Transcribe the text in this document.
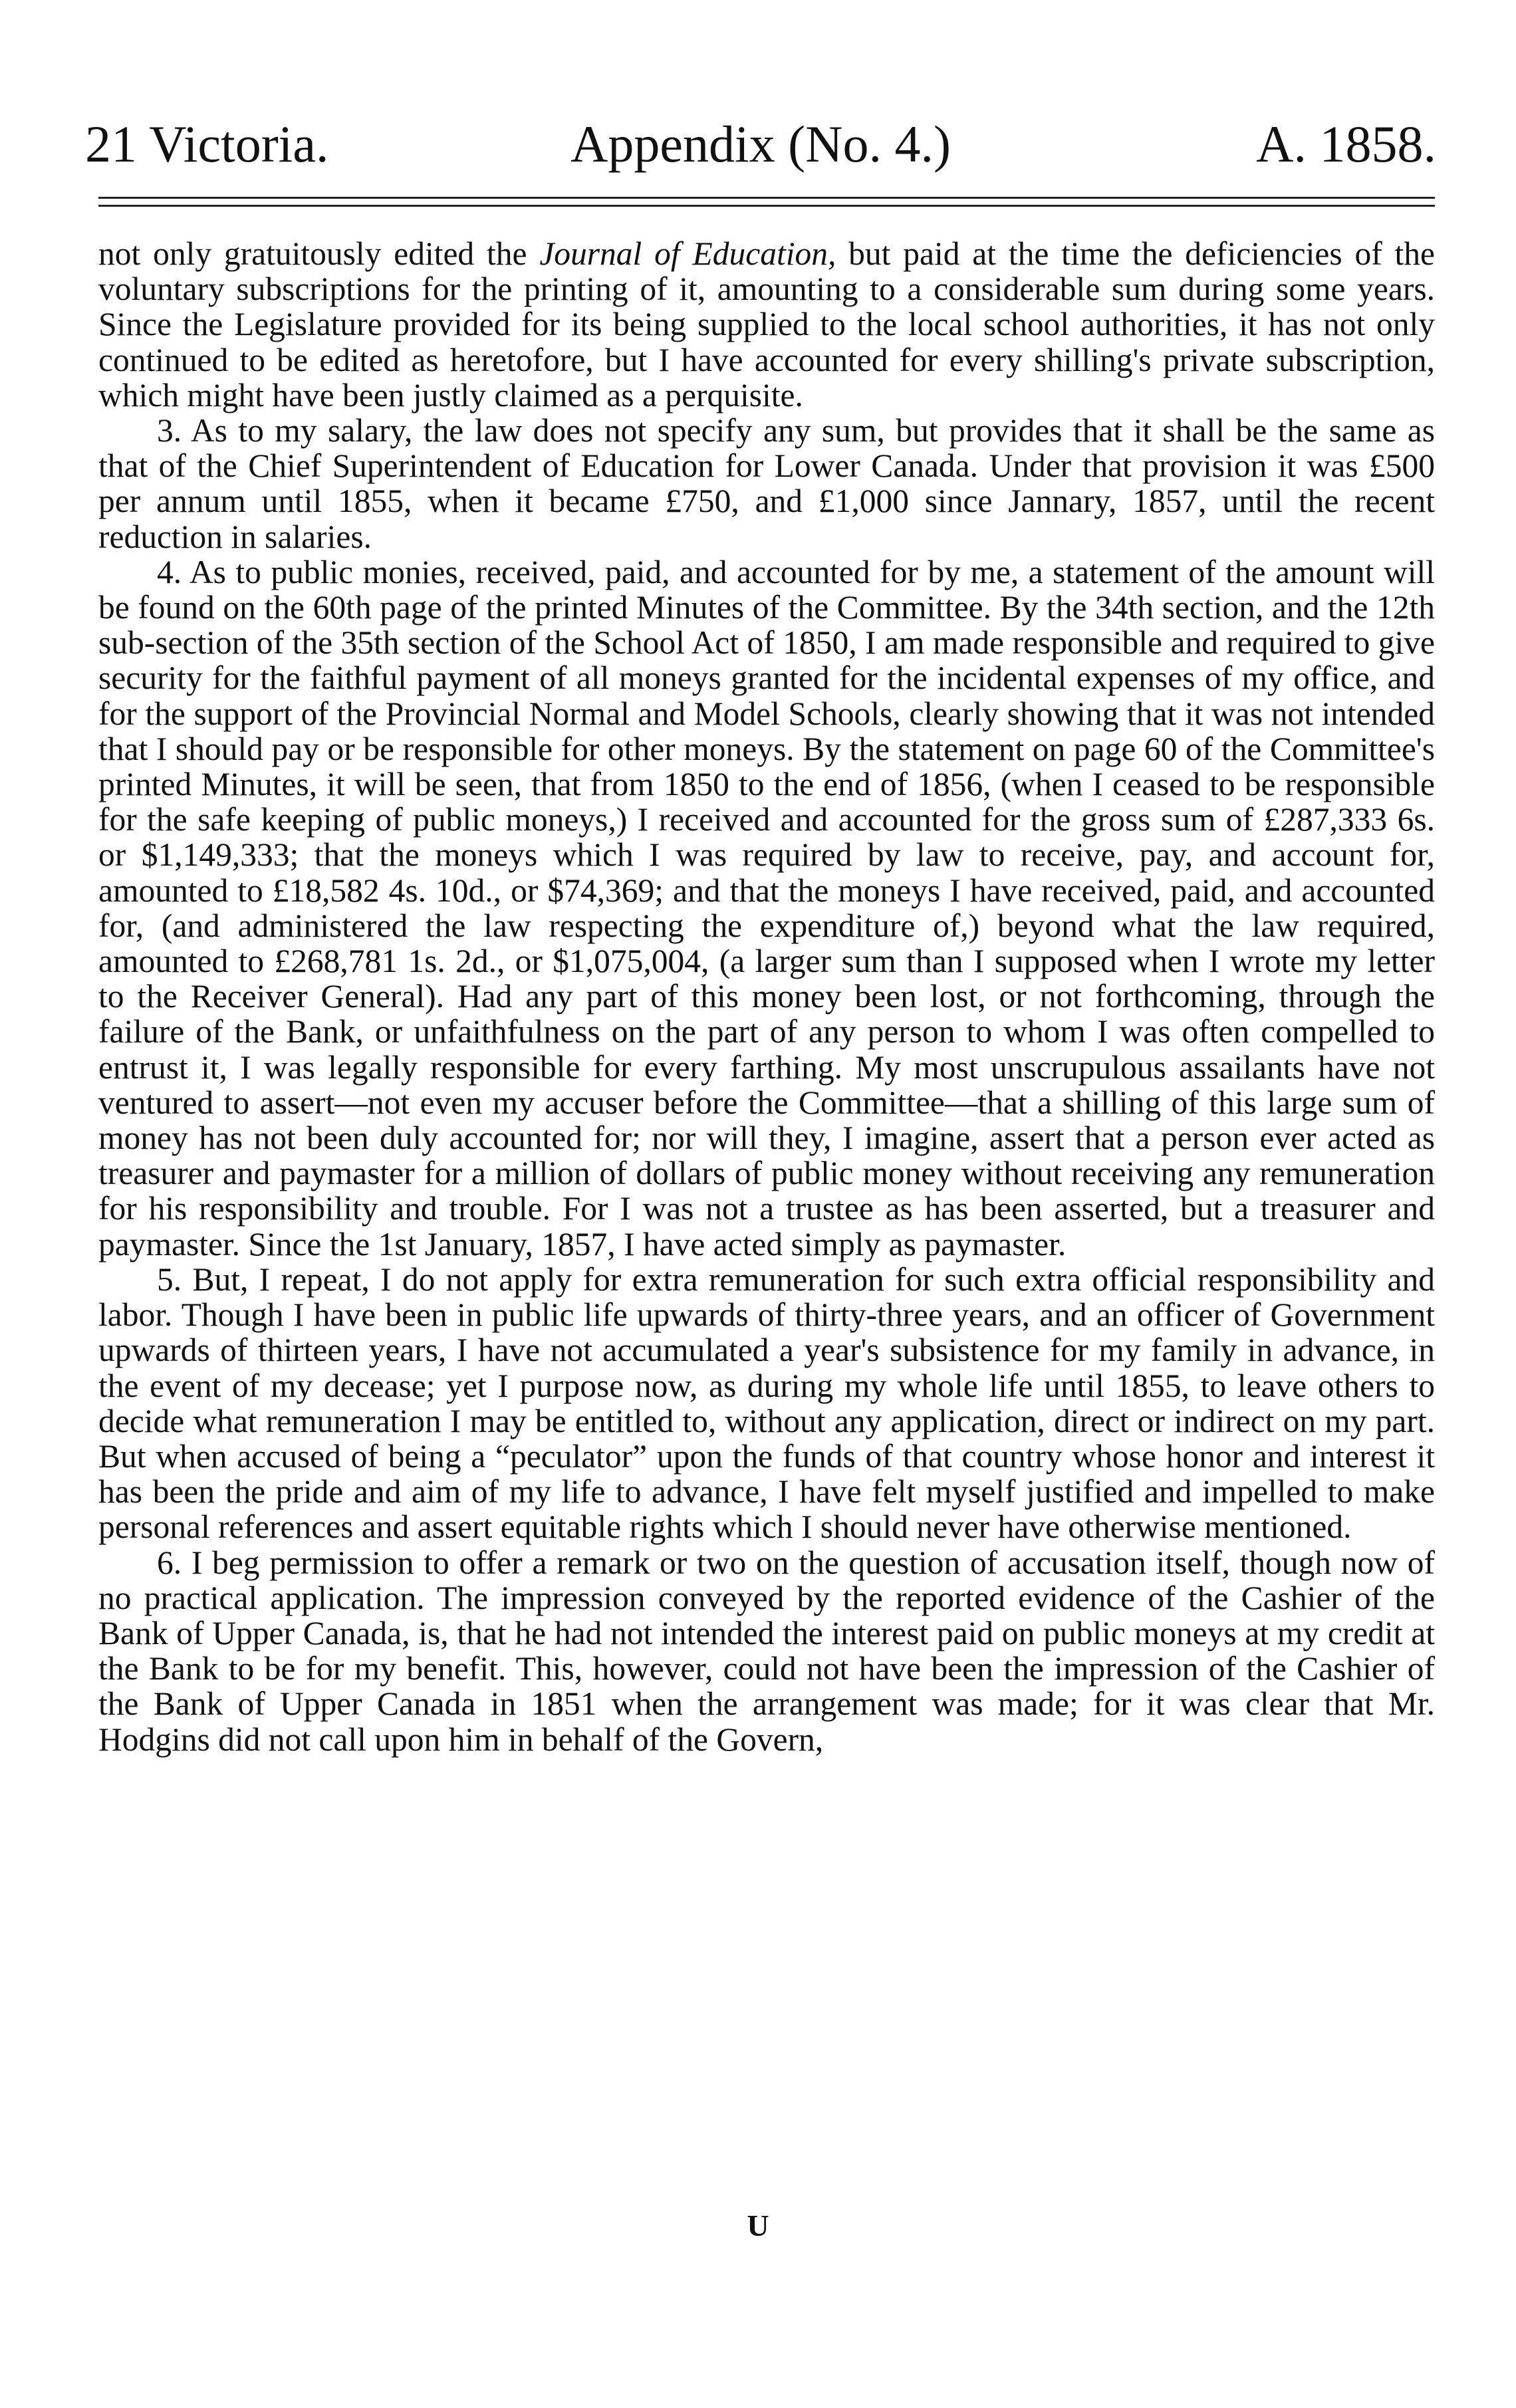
21 Victoria.	Appendix (No. 4.)	A. 1858.

not only gratuitously edited the Journal of Education, but paid at the time the deficiencies of the voluntary subscriptions for the printing of it, amounting to a considerable sum during some years. Since the Legislature provided for its being supplied to the local school authorities, it has not only continued to be edited as heretofore, but I have accounted for every shilling's private subscription, which might have been justly claimed as a perquisite.

3. As to my salary, the law does not specify any sum, but provides that it shall be the same as that of the Chief Superintendent of Education for Lower Canada. Under that provision it was £500 per annum until 1855, when it became £750, and £1,000 since Jannary, 1857, until the recent reduction in salaries.

4. As to public monies, received, paid, and accounted for by me, a statement of the amount will be found on the 60th page of the printed Minutes of the Committee. By the 34th section, and the 12th sub-section of the 35th section of the School Act of 1850, I am made responsible and required to give security for the faithful payment of all moneys granted for the incidental expenses of my office, and for the support of the Provincial Normal and Model Schools, clearly showing that it was not intended that I should pay or be responsible for other moneys. By the statement on page 60 of the Committee's printed Minutes, it will be seen, that from 1850 to the end of 1856, (when I ceased to be responsible for the safe keeping of public moneys,) I received and accounted for the gross sum of £287,333 6s. or $1,149,333; that the moneys which I was required by law to receive, pay, and account for, amounted to £18,582 4s. 10d., or $74,369; and that the moneys I have received, paid, and accounted for, (and administered the law respecting the expenditure of,) beyond what the law required, amounted to £268,781 1s. 2d., or $1,075,004, (a larger sum than I supposed when I wrote my letter to the Receiver General). Had any part of this money been lost, or not forthcoming, through the failure of the Bank, or unfaithfulness on the part of any person to whom I was often compelled to entrust it, I was legally responsible for every farthing. My most unscrupulous assailants have not ventured to assert—not even my accuser before the Committee—that a shilling of this large sum of money has not been duly accounted for; nor will they, I imagine, assert that a person ever acted as treasurer and paymaster for a million of dollars of public money without receiving any remuneration for his responsibility and trouble. For I was not a trustee as has been asserted, but a treasurer and paymaster. Since the 1st January, 1857, I have acted simply as paymaster.

5. But, I repeat, I do not apply for extra remuneration for such extra official responsibility and labor. Though I have been in public life upwards of thirty-three years, and an officer of Government upwards of thirteen years, I have not accumulated a year's subsistence for my family in advance, in the event of my decease; yet I purpose now, as during my whole life until 1855, to leave others to decide what remuneration I may be entitled to, without any application, direct or indirect on my part. But when accused of being a “peculator” upon the funds of that country whose honor and interest it has been the pride and aim of my life to advance, I have felt myself justified and impelled to make personal references and assert equitable rights which I should never have otherwise mentioned.

6. I beg permission to offer a remark or two on the question of accusation itself, though now of no practical application. The impression conveyed by the reported evidence of the Cashier of the Bank of Upper Canada, is, that he had not intended the interest paid on public moneys at my credit at the Bank to be for my benefit. This, however, could not have been the impression of the Cashier of the Bank of Upper Canada in 1851 when the arrangement was made; for it was clear that Mr. Hodgins did not call upon him in behalf of the Govern,

U
